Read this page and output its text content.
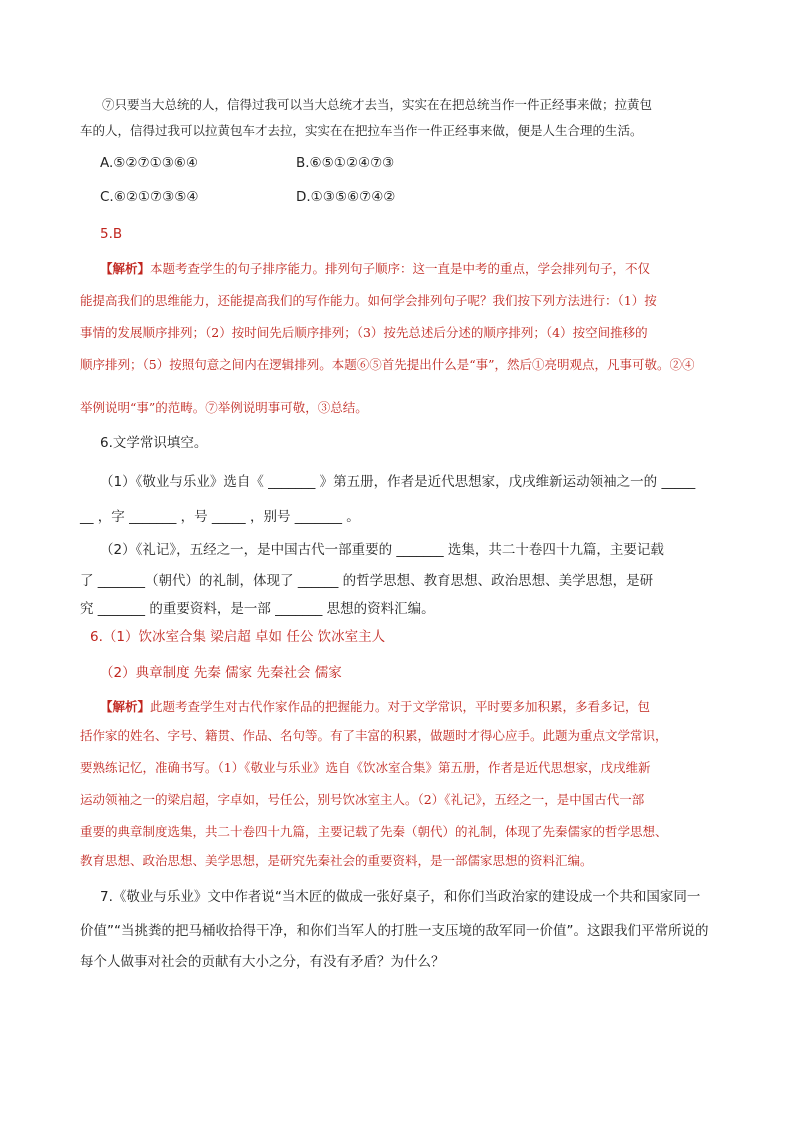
⑦只要当大总统的人，信得过我可以当大总统才去当，实实在在把总统当作一件正经事来做；拉黄包
车的人，信得过我可以拉黄包车才去拉，实实在在把拉车当作一件正经事来做，便是人生合理的生活。
A.⑤②⑦①③⑥④	B.⑥⑤①②④⑦③
C.⑥②①⑦③⑤④	D.①③⑤⑥⑦④②
5.B
【解析】本题考查学生的句子排序能力。排列句子顺序：这一直是中考的重点，学会排列句子，不仅
能提高我们的思维能力，还能提高我们的写作能力。如何学会排列句子呢？我们按下列方法进行：（1）按
事情的发展顺序排列；（2）按时间先后顺序排列；（3）按先总述后分述的顺序排列；（4）按空间推移的
顺序排列；（5）按照句意之间内在逻辑排列。本题⑥⑤首先提出什么是“事”，然后①亮明观点，凡事可敬。②④
举例说明“事”的范畴。⑦举例说明事可敬，③总结。
6.文学常识填空。
（1）《敬业与乐业》选自《 _______ 》第五册，作者是近代思想家，戊戌维新运动领袖之一的 _____
__ ，字 _______ ，号 _____ ，别号 _______ 。
（2）《礼记》，五经之一，是中国古代一部重要的 _______ 选集，共二十卷四十九篇，主要记载
了 _______（朝代）的礼制，体现了 ______ 的哲学思想、教育思想、政治思想、美学思想，是研
究 _______ 的重要资料，是一部 _______ 思想的资料汇编。
6.（1）饮冰室合集 梁启超 卓如 任公 饮冰室主人
（2）典章制度 先秦 儒家 先秦社会 儒家
【解析】此题考查学生对古代作家作品的把握能力。对于文学常识，平时要多加积累，多看多记，包
括作家的姓名、字号、籍贯、作品、名句等。有了丰富的积累，做题时才得心应手。此题为重点文学常识，
要熟练记忆，准确书写。（1）《敬业与乐业》选自《饮冰室合集》第五册，作者是近代思想家，戊戌维新
运动领袖之一的梁启超，字卓如，号任公，别号饮冰室主人。（2）《礼记》，五经之一，是中国古代一部
重要的典章制度选集，共二十卷四十九篇，主要记载了先秦（朝代）的礼制，体现了先秦儒家的哲学思想、
教育思想、政治思想、美学思想，是研究先秦社会的重要资料，是一部儒家思想的资料汇编。
7.《敬业与乐业》文中作者说“当木匠的做成一张好桌子，和你们当政治家的建设成一个共和国家同一
价值”“当挑粪的把马桶收拾得干净，和你们当军人的打胜一支压境的敌军同一价值”。这跟我们平常所说的
每个人做事对社会的贡献有大小之分，有没有矛盾？为什么？
